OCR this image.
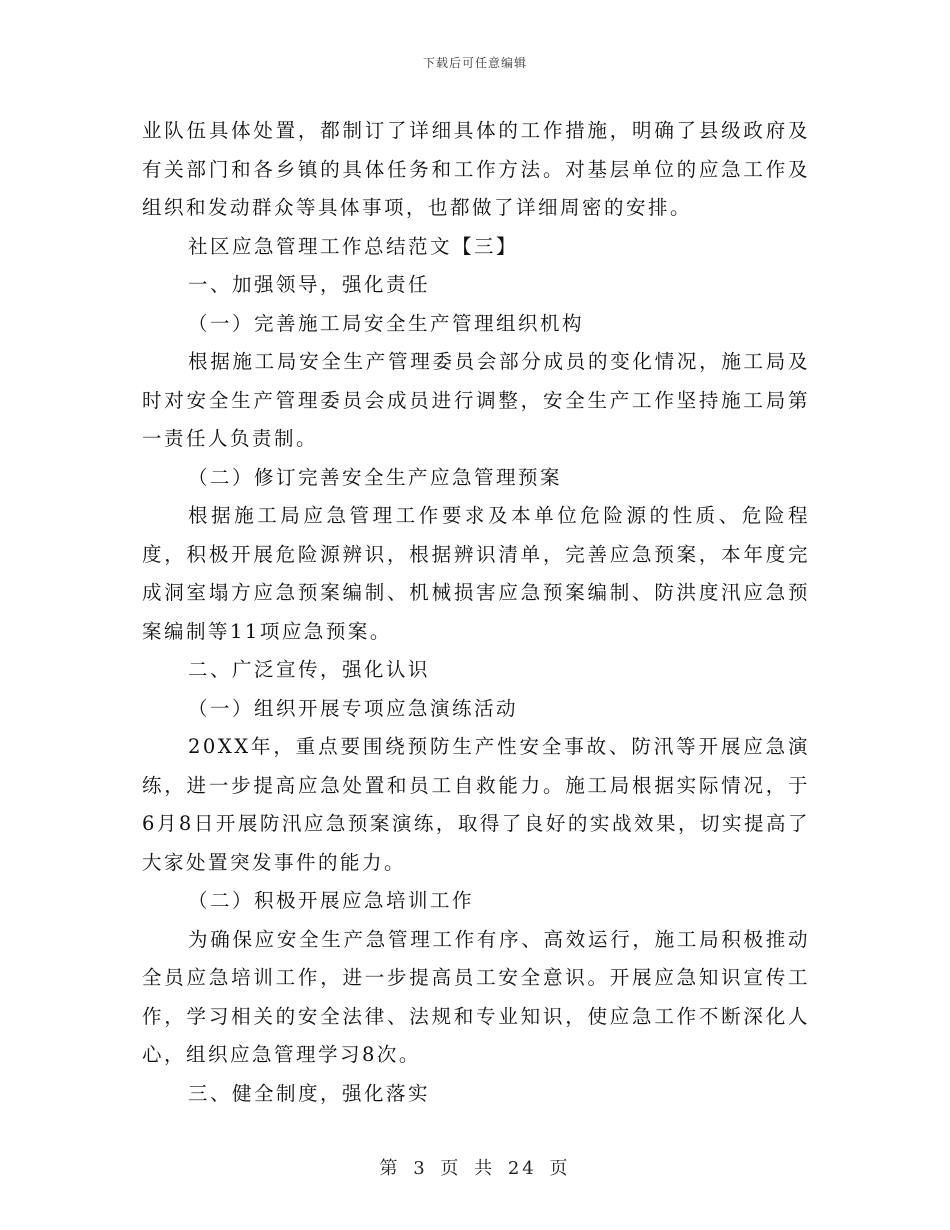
下载后可任意编辑

业队伍具体处置，都制订了详细具体的工作措施，明确了县级政府及有关部门和各乡镇的具体任务和工作方法。对基层单位的应急工作及组织和发动群众等具体事项，也都做了详细周密的安排。

社区应急管理工作总结范文【三】

一、加强领导，强化责任

（一）完善施工局安全生产管理组织机构

根据施工局安全生产管理委员会部分成员的变化情况，施工局及时对安全生产管理委员会成员进行调整，安全生产工作坚持施工局第一责任人负责制。

（二）修订完善安全生产应急管理预案

根据施工局应急管理工作要求及本单位危险源的性质、危险程度，积极开展危险源辨识，根据辨识清单，完善应急预案，本年度完成洞室塌方应急预案编制、机械损害应急预案编制、防洪度汛应急预案编制等11项应急预案。

二、广泛宣传，强化认识

（一）组织开展专项应急演练活动

20XX年，重点要围绕预防生产性安全事故、防汛等开展应急演练，进一步提高应急处置和员工自救能力。施工局根据实际情况，于6月8日开展防汛应急预案演练，取得了良好的实战效果，切实提高了大家处置突发事件的能力。

（二）积极开展应急培训工作

为确保应安全生产急管理工作有序、高效运行，施工局积极推动全员应急培训工作，进一步提高员工安全意识。开展应急知识宣传工作，学习相关的安全法律、法规和专业知识，使应急工作不断深化人心，组织应急管理学习8次。

三、健全制度，强化落实

第 3 页 共 24 页
